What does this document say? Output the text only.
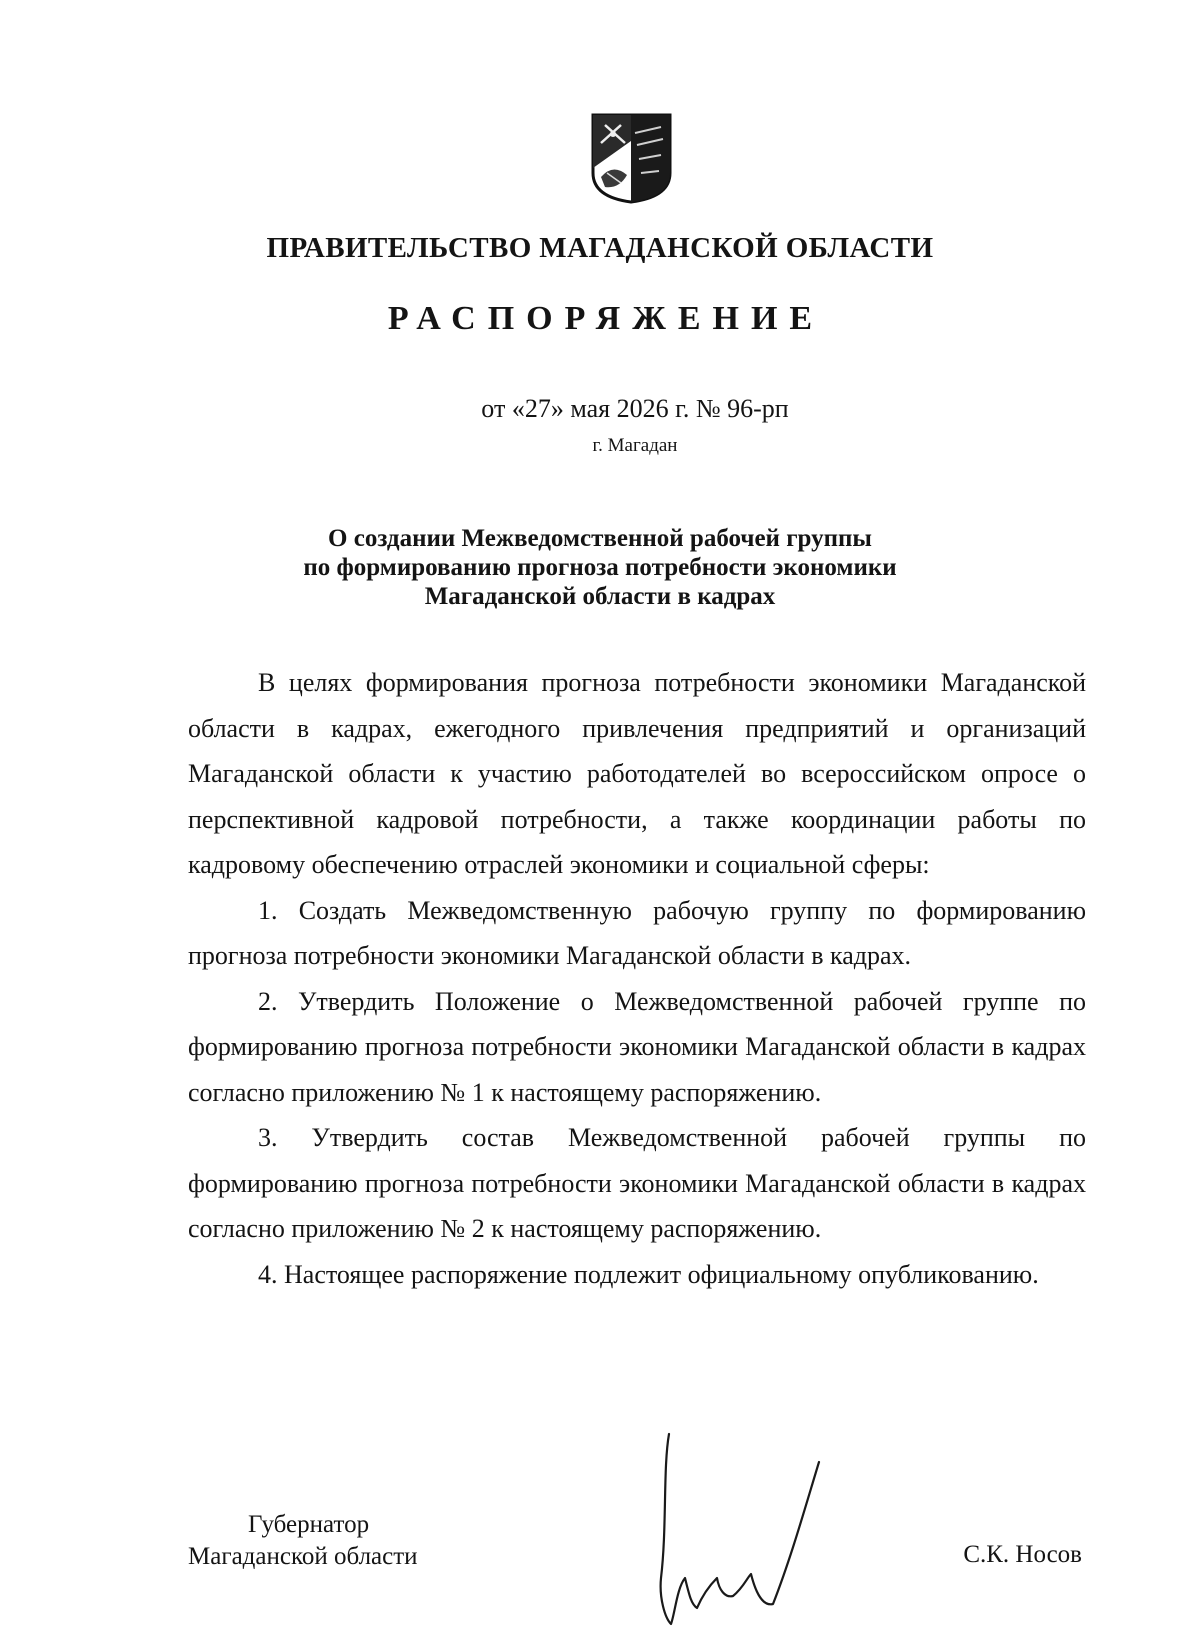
ПРАВИТЕЛЬСТВО МАГАДАНСКОЙ ОБЛАСТИ
РАСПОРЯЖЕНИЕ
от «27» мая 2026 г. № 96-рп
г. Магадан
О создании Межведомственной рабочей группы
по формированию прогноза потребности экономики
Магаданской области в кадрах

В целях формирования прогноза потребности экономики Магаданской области в кадрах, ежегодного привлечения предприятий и организаций Магаданской области к участию работодателей во всероссийском опросе о перспективной кадровой потребности, а также координации работы по кадровому обеспечению отраслей экономики и социальной сферы:

1. Создать Межведомственную рабочую группу по формированию прогноза потребности экономики Магаданской области в кадрах.

2. Утвердить Положение о Межведомственной рабочей группе по формированию прогноза потребности экономики Магаданской области в кадрах согласно приложению № 1 к настоящему распоряжению.

3. Утвердить состав Межведомственной рабочей группы по формированию прогноза потребности экономики Магаданской области в кадрах согласно приложению № 2 к настоящему распоряжению.

4. Настоящее распоряжение подлежит официальному опубликованию.

Губернатор
Магаданской области	С.К. Носов
